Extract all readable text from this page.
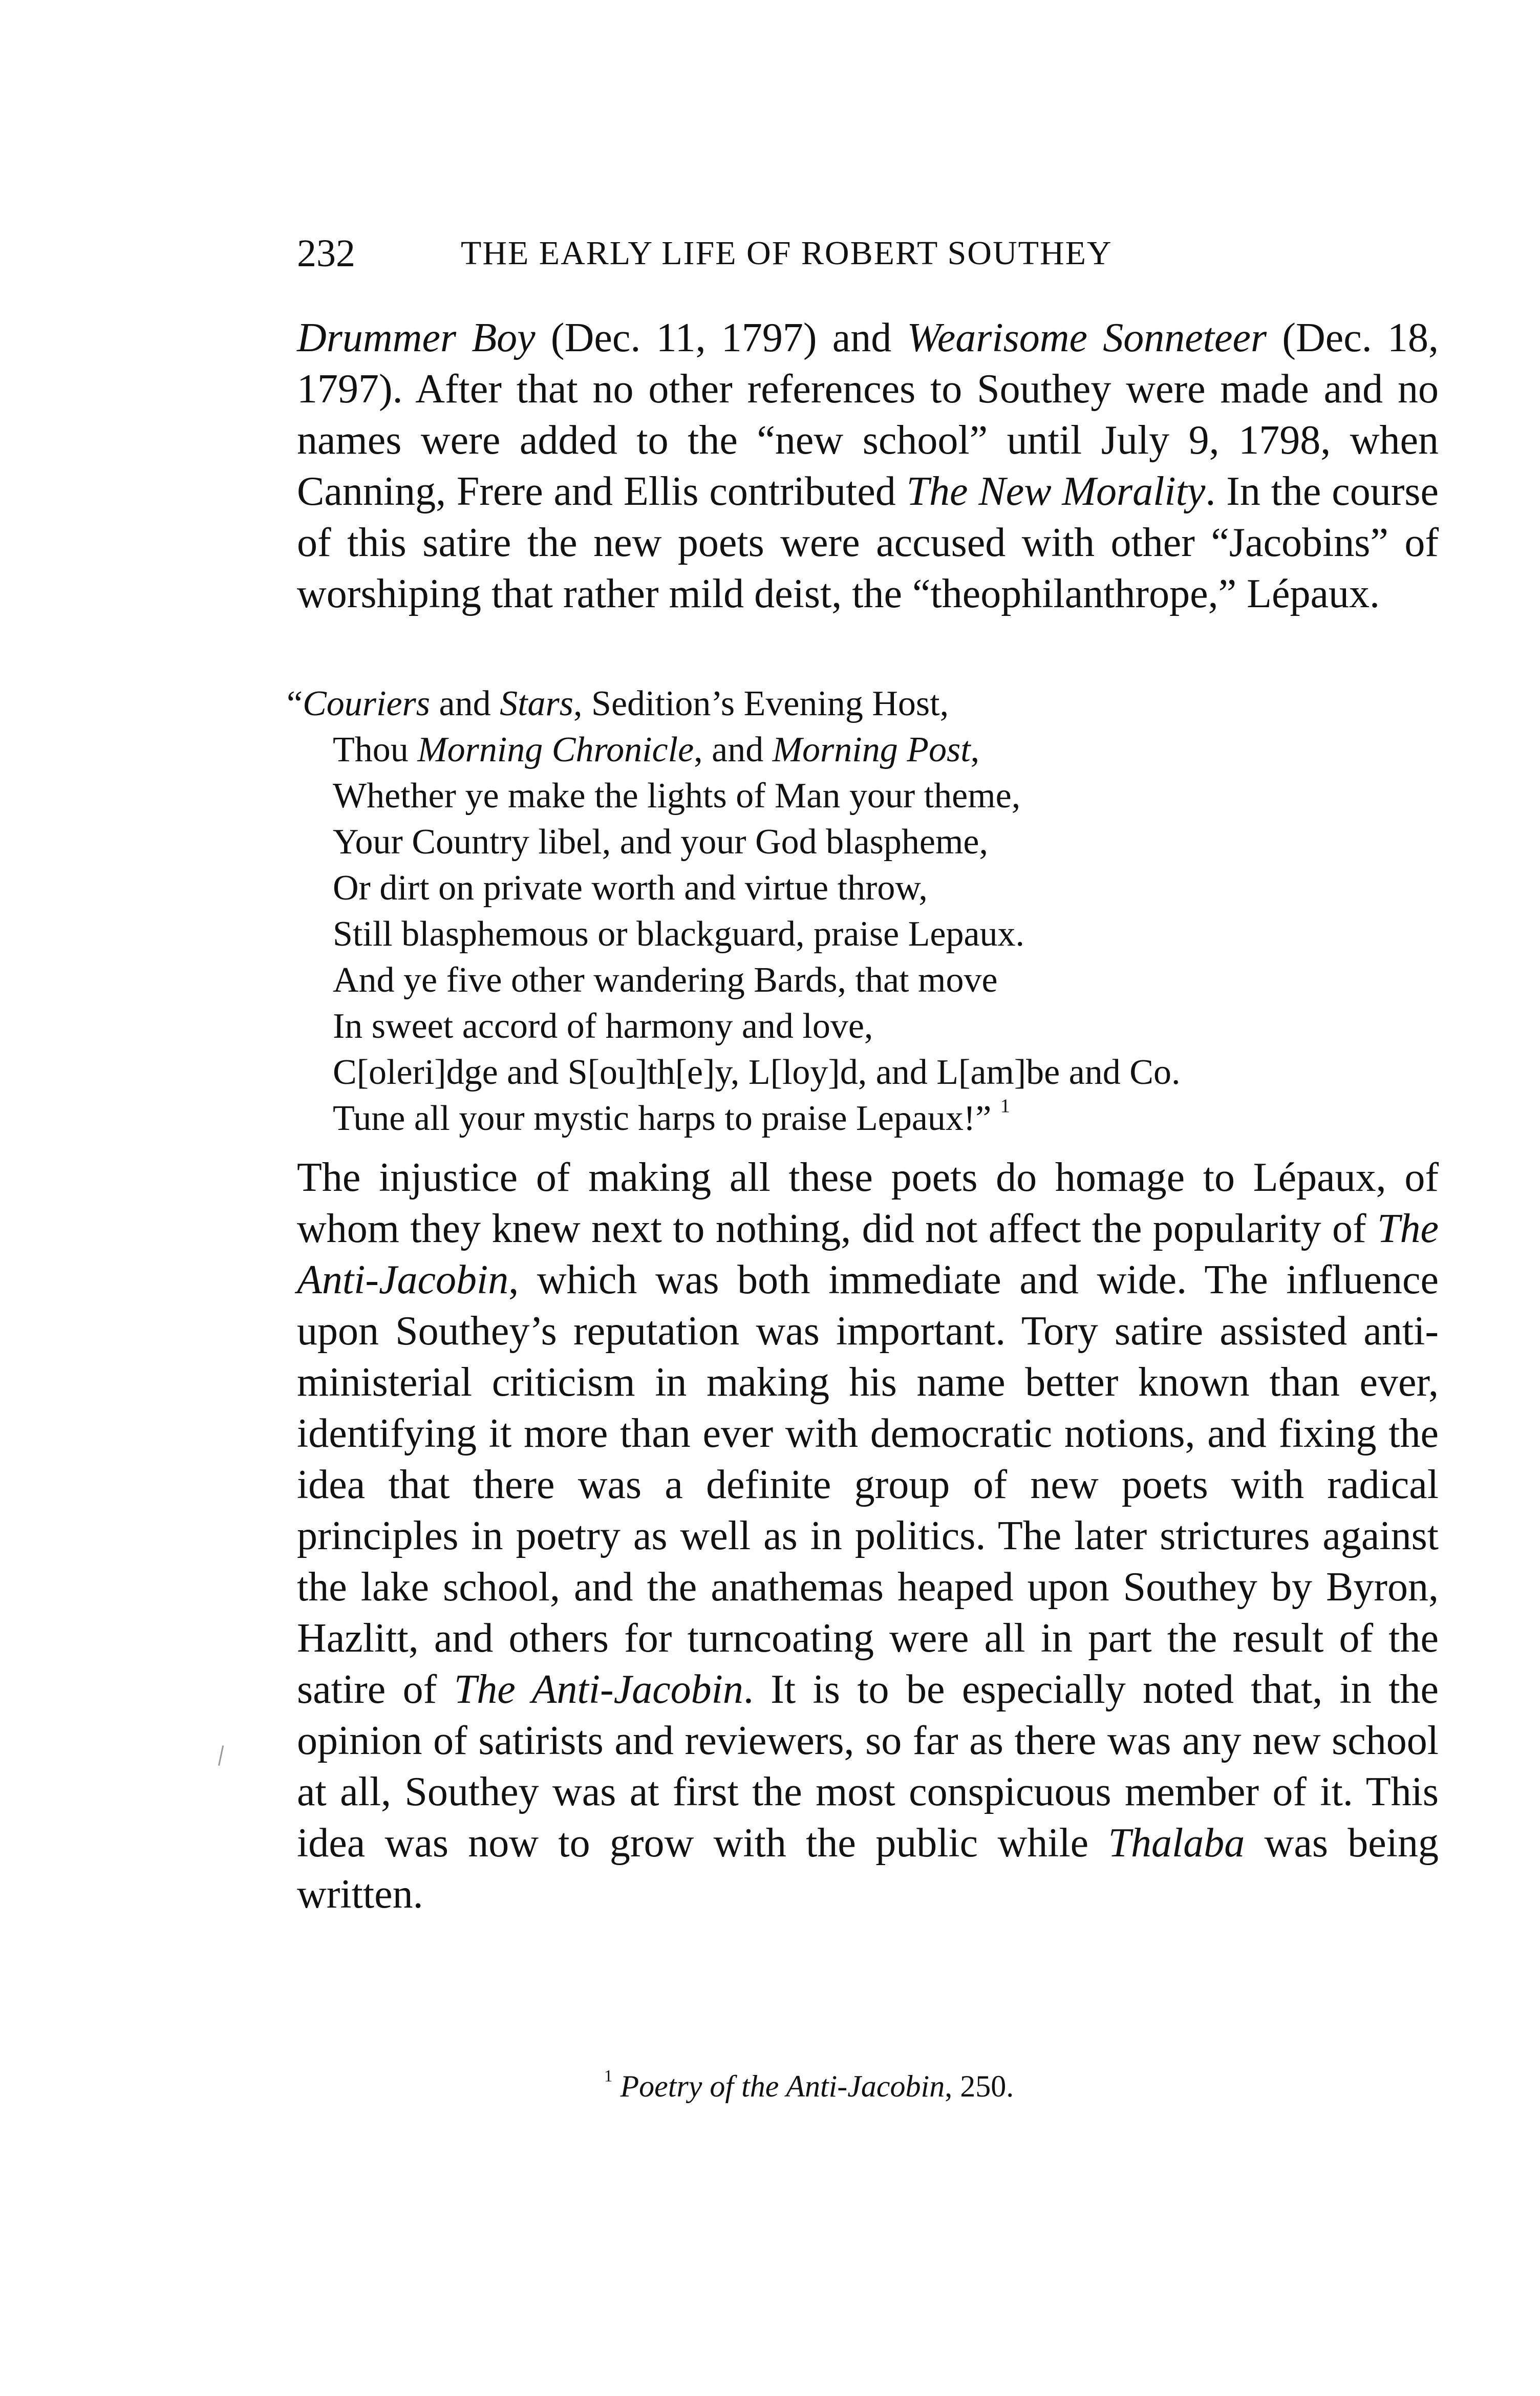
232	THE EARLY LIFE OF ROBERT SOUTHEY

Drummer Boy (Dec. 11, 1797) and Wearisome Sonneteer (Dec. 18, 1797). After that no other references to Southey were made and no names were added to the “new school” until July 9, 1798, when Canning, Frere and Ellis contributed The New Morality. In the course of this satire the new poets were accused with other “Jacobins” of worshiping that rather mild deist, the “theophilanthrope,” Lépaux.

“Couriers and Stars, Sedition’s Evening Host,
Thou Morning Chronicle, and Morning Post,
Whether ye make the lights of Man your theme,
Your Country libel, and your God blaspheme,
Or dirt on private worth and virtue throw,
Still blasphemous or blackguard, praise Lepaux.
And ye five other wandering Bards, that move
In sweet accord of harmony and love,
C[oleri]dge and S[ou]th[e]y, L[loy]d, and L[am]be and Co.
Tune all your mystic harps to praise Lepaux!” $^1$

The injustice of making all these poets do homage to Lépaux, of whom they knew next to nothing, did not affect the popularity of The Anti-Jacobin, which was both immediate and wide. The influence upon Southey’s reputation was important. Tory satire assisted anti-ministerial criticism in making his name better known than ever, identifying it more than ever with democratic notions, and fixing the idea that there was a definite group of new poets with radical principles in poetry as well as in politics. The later strictures against the lake school, and the anathemas heaped upon Southey by Byron, Hazlitt, and others for turncoating were all in part the result of the satire of The Anti-Jacobin. It is to be especially noted that, in the opinion of satirists and reviewers, so far as there was any new school at all, Southey was at first the most conspicuous member of it. This idea was now to grow with the public while Thalaba was being written.

$^1$ Poetry of the Anti-Jacobin, 250.
